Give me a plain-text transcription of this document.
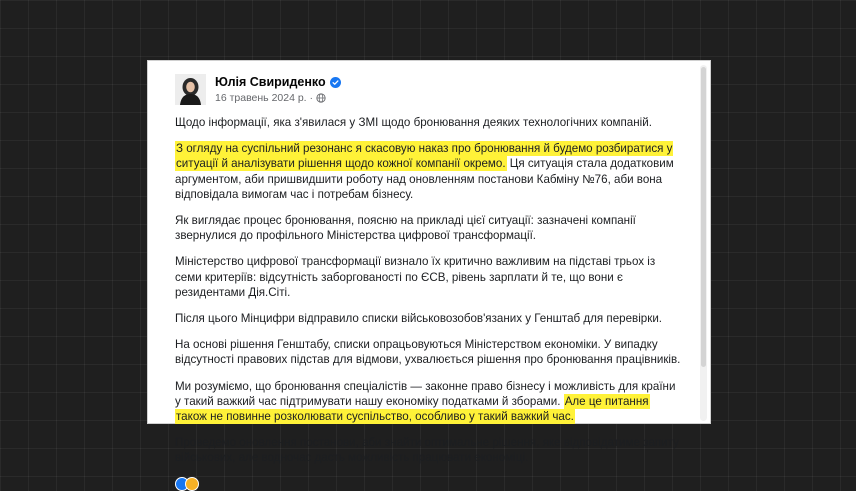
Юлія Свириденко
16 травень 2024 р. ·

Щодо інформації, яка з'явилася у ЗМІ щодо бронювання деяких технологічних компаній.

З огляду на суспільний резонанс я скасовую наказ про бронювання й будемо розбиратися у ситуації й аналізувати рішення щодо кожної компанії окремо. Ця ситуація стала додатковим аргументом, аби пришвидшити роботу над оновленням постанови Кабміну №76, аби вона відповідала вимогам час і потребам бізнесу.

Як виглядає процес бронювання, поясню на прикладі цієї ситуації: зазначені компанії звернулися до профільного Міністерства цифрової трансформації.

Міністерство цифрової трансформації визнало їх критично важливим на підставі трьох із семи критеріїв: відсутність заборгованості по ЄСВ, рівень зарплати й те, що вони є резидентами Дія.Сіті.

Після цього Мінцифри відправило списки військовозобов'язаних у Генштаб для перевірки.

На основі рішення Генштабу, списки опрацьовуються Міністерством економіки. У випадку відсутності правових підстав для відмови, ухвалюється рішення про бронювання працівників.

Ми розуміємо, що бронювання спеціалістів — законне право бізнесу і можливість для країни у такий важкий час підтримувати нашу економіку податками й зборами. Але це питання також не повинне розколювати суспільство, особливо у такий важкий час.

Проведемо оновлення постанови, аби знайти оптимальне рішення, яке відповідатиме запиту військових, але водночас дасть можливість працювати економіці.
